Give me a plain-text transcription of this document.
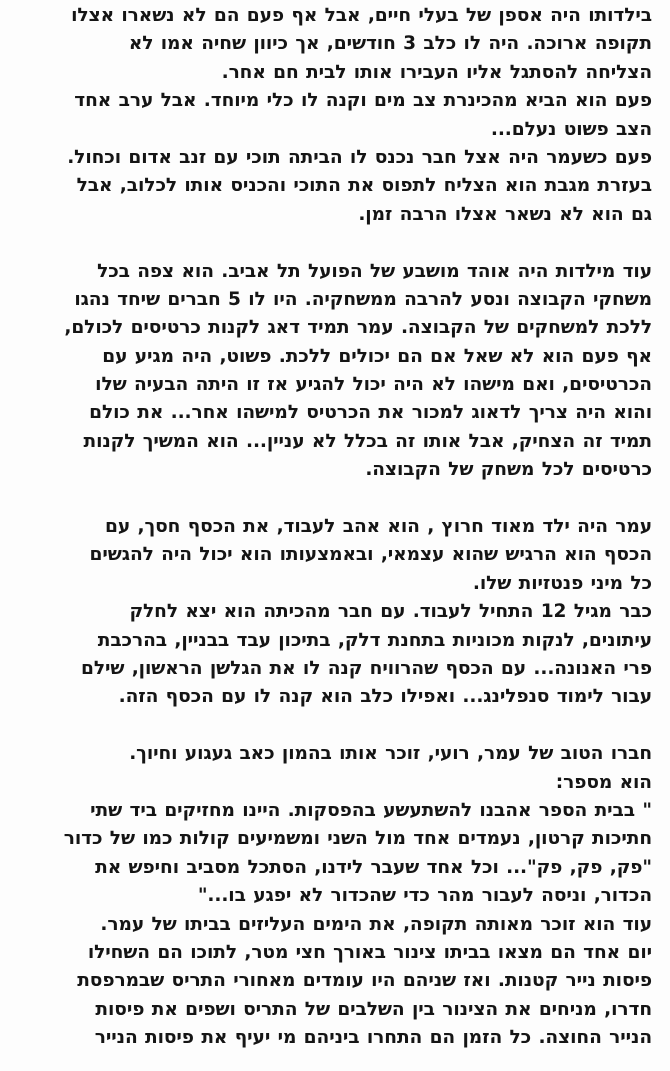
בילדותו היה אספן של בעלי חיים, אבל אף פעם הם לא נשארו אצלו
תקופה ארוכה. היה לו כלב 3 חודשים, אך כיוון שחיה אמו לא
הצליחה להסתגל אליו העבירו אותו לבית חם אחר.
פעם הוא הביא מהכינרת צב מים וקנה לו כלי מיוחד. אבל ערב אחד
הצב פשוט נעלם...
פעם כשעמר היה אצל חבר נכנס לו הביתה תוכי עם זנב אדום וכחול.
בעזרת מגבת הוא הצליח לתפוס את התוכי והכניס אותו לכלוב, אבל
גם הוא לא נשאר אצלו הרבה זמן.
עוד מילדות היה אוהד מושבע של הפועל תל אביב. הוא צפה בכל
משחקי הקבוצה ונסע להרבה ממשחקיה. היו לו 5 חברים שיחד נהגו
ללכת למשחקים של הקבוצה. עמר תמיד דאג לקנות כרטיסים לכולם,
אף פעם הוא לא שאל אם הם יכולים ללכת. פשוט, היה מגיע עם
הכרטיסים, ואם מישהו לא היה יכול להגיע אז זו היתה הבעיה שלו
והוא היה צריך לדאוג למכור את הכרטיס למישהו אחר... את כולם
תמיד זה הצחיק, אבל אותו זה בכלל לא עניין... הוא המשיך לקנות
כרטיסים לכל משחק של הקבוצה.
עמר היה ילד מאוד חרוץ , הוא אהב לעבוד, את הכסף חסך, עם
הכסף הוא הרגיש שהוא עצמאי, ובאמצעותו הוא יכול היה להגשים
כל מיני פנטזיות שלו.
כבר מגיל 12 התחיל לעבוד. עם חבר מהכיתה הוא יצא לחלק
עיתונים, לנקות מכוניות בתחנת דלק, בתיכון עבד בבניין, בהרכבת
פרי האנונה... עם הכסף שהרוויח קנה לו את הגלשן הראשון, שילם
עבור לימוד סנפלינג... ואפילו כלב הוא קנה לו עם הכסף הזה.
חברו הטוב של עמר, רועי, זוכר אותו בהמון כאב געגוע וחיוך.
הוא מספר:
" בבית הספר אהבנו להשתעשע בהפסקות. היינו מחזיקים ביד שתי
חתיכות קרטון, נעמדים אחד מול השני ומשמיעים קולות כמו של כדור
"פק, פק, פק"... וכל אחד שעבר לידנו, הסתכל מסביב וחיפש את
הכדור, וניסה לעבור מהר כדי שהכדור לא יפגע בו..."
עוד הוא זוכר מאותה תקופה, את הימים העליזים בביתו של עמר.
יום אחד הם מצאו בביתו צינור באורך חצי מטר, לתוכו הם השחילו
פיסות נייר קטנות. ואז שניהם היו עומדים מאחורי התריס שבמרפסת
חדרו, מניחים את הצינור בין השלבים של התריס ושפים את פיסות
הנייר החוצה. כל הזמן הם התחרו ביניהם מי יעיף את פיסות הנייר
